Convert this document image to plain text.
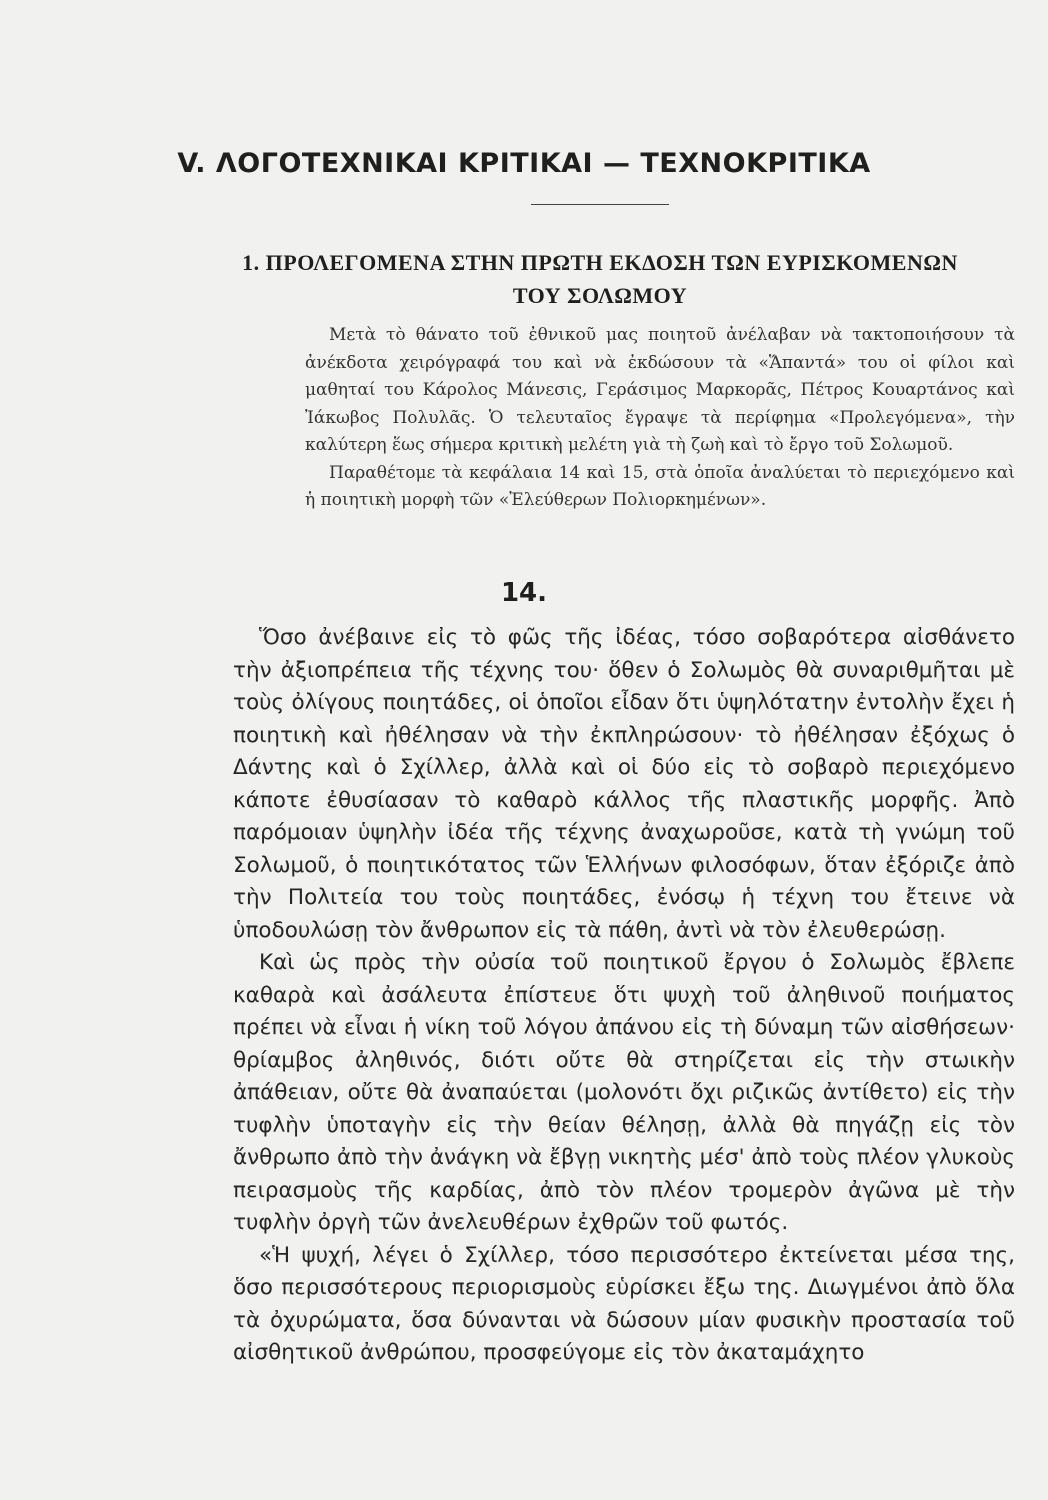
V. ΛΟΓΟΤΕΧΝΙΚΑΙ ΚΡΙΤΙΚΑΙ — ΤΕΧΝΟΚΡΙΤΙΚΑ
1. ΠΡΟΛΕΓΟΜΕΝΑ ΣΤΗΝ ΠΡΩΤΗ ΕΚΔΟΣΗ ΤΩΝ ΕΥΡΙΣΚΟΜΕΝΩΝ
ΤΟΥ ΣΟΛΩΜΟΥ

Μετὰ τὸ θάνατο τοῦ ἐθνικοῦ μας ποιητοῦ ἀνέλαβαν νὰ τακτοποιήσουν τὰ ἀνέκδοτα χειρόγραφά του καὶ νὰ ἐκδώσουν τὰ «Ἅπαντά» του οἱ φίλοι καὶ μαθηταί του Κάρολος Μάνεσις, Γεράσιμος Μαρκορᾶς, Πέτρος Κουαρτάνος καὶ Ἰάκωβος Πολυλᾶς. Ὁ τελευταῖος ἔγραψε τὰ περίφημα «Προλεγόμενα», τὴν καλύτερη ἕως σήμερα κριτικὴ μελέτη γιὰ τὴ ζωὴ καὶ τὸ ἔργο τοῦ Σολωμοῦ.

Παραθέτομε τὰ κεφάλαια 14 καὶ 15, στὰ ὁποῖα ἀναλύεται τὸ περιεχόμενο καὶ ἡ ποιητικὴ μορφὴ τῶν «Ἐλεύθερων Πολιορκημένων».

14.

Ὅσο ἀνέβαινε εἰς τὸ φῶς τῆς ἰδέας, τόσο σοβαρότερα αἰσθάνετο τὴν ἀξιοπρέπεια τῆς τέχνης του· ὅθεν ὁ Σολωμὸς θὰ συναριθμῆται μὲ τοὺς ὀλίγους ποιητάδες, οἱ ὁποῖοι εἶδαν ὅτι ὑψηλότατην ἐντολὴν ἔχει ἡ ποιητικὴ καὶ ἠθέλησαν νὰ τὴν ἐκπληρώσουν· τὸ ἠθέλησαν ἐξόχως ὁ Δάντης καὶ ὁ Σχίλλερ, ἀλλὰ καὶ οἱ δύο εἰς τὸ σοβαρὸ περιεχόμενο κάποτε ἐθυσίασαν τὸ καθαρὸ κάλλος τῆς πλαστικῆς μορφῆς. Ἀπὸ παρόμοιαν ὑψηλὴν ἰδέα τῆς τέχνης ἀναχωροῦσε, κατὰ τὴ γνώμη τοῦ Σολωμοῦ, ὁ ποιητικότατος τῶν Ἑλλήνων φιλοσόφων, ὅταν ἐξόριζε ἀπὸ τὴν Πολιτεία του τοὺς ποιητάδες, ἐνόσῳ ἡ τέχνη του ἔτεινε νὰ ὑποδουλώσῃ τὸν ἄνθρωπον εἰς τὰ πάθη, ἀντὶ νὰ τὸν ἐλευθερώσῃ.

Καὶ ὡς πρὸς τὴν οὐσία τοῦ ποιητικοῦ ἔργου ὁ Σολωμὸς ἔβλεπε καθαρὰ καὶ ἀσάλευτα ἐπίστευε ὅτι ψυχὴ τοῦ ἀληθινοῦ ποιήματος πρέπει νὰ εἶναι ἡ νίκη τοῦ λόγου ἀπάνου εἰς τὴ δύναμη τῶν αἰσθήσεων· θρίαμβος ἀληθινός, διότι οὔτε θὰ στηρίζεται εἰς τὴν στωικὴν ἀπάθειαν, οὔτε θὰ ἀναπαύεται (μολονότι ὄχι ριζικῶς ἀντίθετο) εἰς τὴν τυφλὴν ὑποταγὴν εἰς τὴν θείαν θέλησῃ, ἀλλὰ θὰ πηγάζῃ εἰς τὸν ἄνθρωπο ἀπὸ τὴν ἀνάγκη νὰ ἔβγῃ νικητὴς μέσ' ἀπὸ τοὺς πλέον γλυκοὺς πειρασμοὺς τῆς καρδίας, ἀπὸ τὸν πλέον τρομερὸν ἀγῶνα μὲ τὴν τυφλὴν ὀργὴ τῶν ἀνελευθέρων ἐχθρῶν τοῦ φωτός.

«Ἡ ψυχή, λέγει ὁ Σχίλλερ, τόσο περισσότερο ἐκτείνεται μέσα της, ὅσο περισσότερους περιορισμοὺς εὑρίσκει ἔξω της. Διωγμένοι ἀπὸ ὅλα τὰ ὀχυρώματα, ὅσα δύνανται νὰ δώσουν μίαν φυσικὴν προστασία τοῦ αἰσθητικοῦ ἀνθρώπου, προσφεύγομε εἰς τὸν ἀκαταμάχητο
